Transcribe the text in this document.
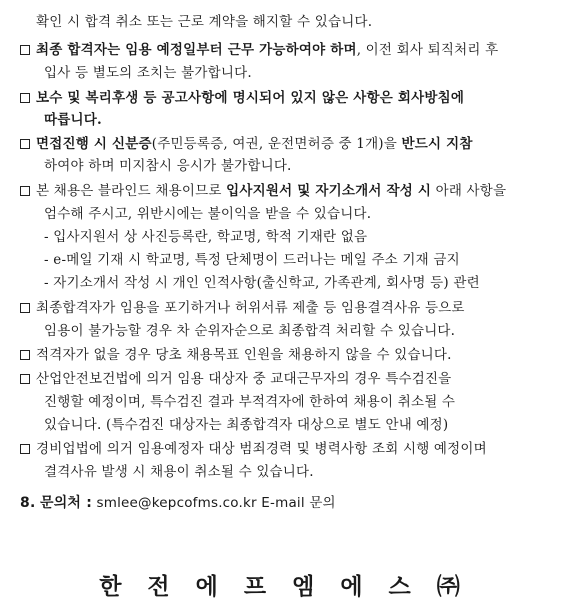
확인 시 합격 취소 또는 근로 계약을 해지할 수 있습니다.
최종 합격자는 임용 예정일부터 근무 가능하여야 하며, 이전 회사 퇴직처리 후
입사 등 별도의 조치는 불가합니다.
보수 및 복리후생 등 공고사항에 명시되어 있지 않은 사항은 회사방침에
따릅니다.
면접진행 시 신분증(주민등록증, 여권, 운전면허증 중 1개)을 반드시 지참
하여야 하며 미지참시 응시가 불가합니다.
본 채용은 블라인드 채용이므로 입사지원서 및 자기소개서 작성 시 아래 사항을
엄수해 주시고, 위반시에는 불이익을 받을 수 있습니다.
- 입사지원서 상 사진등록란, 학교명, 학적 기재란 없음
- e-메일 기재 시 학교명, 특정 단체명이 드러나는 메일 주소 기재 금지
- 자기소개서 작성 시 개인 인적사항(출신학교, 가족관계, 회사명 등) 관련
최종합격자가 임용을 포기하거나 허위서류 제출 등 임용결격사유 등으로
임용이 불가능할 경우 차 순위자순으로 최종합격 처리할 수 있습니다.
적격자가 없을 경우 당초 채용목표 인원을 채용하지 않을 수 있습니다.
산업안전보건법에 의거 임용 대상자 중 교대근무자의 경우 특수검진을
진행할 예정이며, 특수검진 결과 부적격자에 한하여 채용이 취소될 수
있습니다. (특수검진 대상자는 최종합격자 대상으로 별도 안내 예정)
경비업법에 의거 임용예정자 대상 범죄경력 및 병력사항 조회 시행 예정이며
결격사유 발생 시 채용이 취소될 수 있습니다.
8. 문의처 : smlee@kepcofms.co.kr E-mail 문의
한 전 에 프 엠 에 스 ㈜
